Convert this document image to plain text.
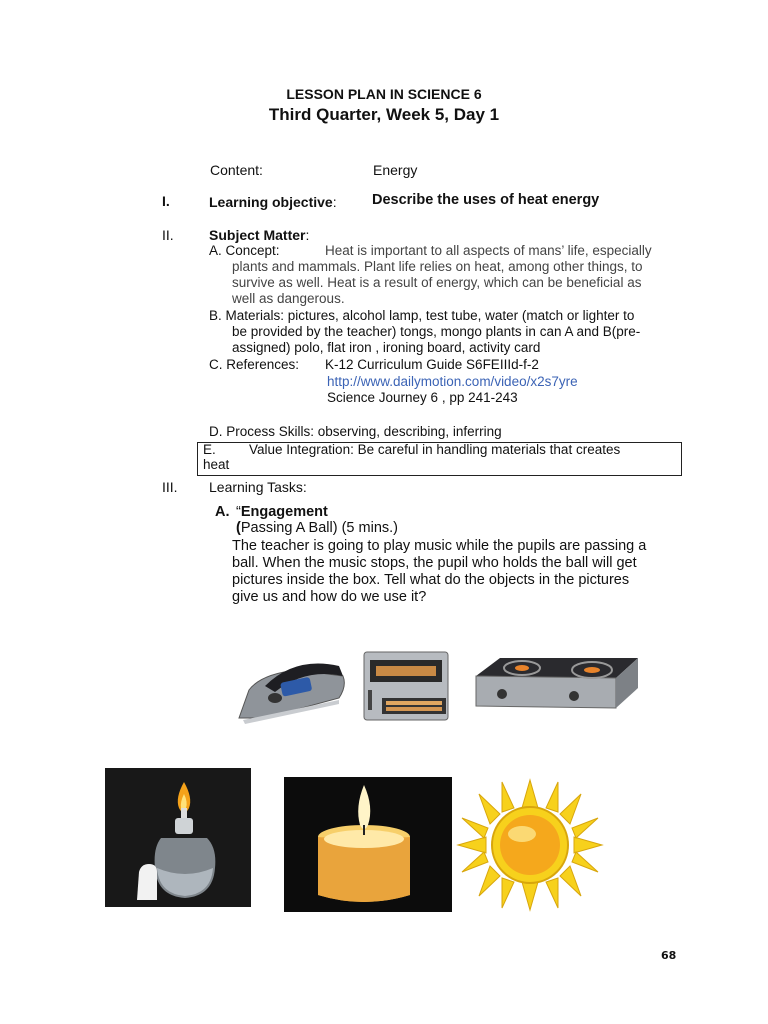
LESSON PLAN IN SCIENCE 6
Third Quarter, Week 5, Day 1
Content:	Energy
I.	Learning objective: Describe the uses of heat energy
II.	Subject Matter:
A. Concept:	Heat is important to all aspects of mans’ life, especially
plants and mammals. Plant life relies on heat, among other things, to
survive as well. Heat is a result of energy, which can be beneficial as
well as dangerous.
B. Materials: pictures, alcohol lamp, test tube, water (match or lighter to
be provided by the teacher) tongs, mongo plants in can A and B(pre-
assigned) polo, flat iron , ironing board, activity card
C. References: K-12 Curriculum Guide S6FEIIId-f-2
http://www.dailymotion.com/video/x2s7yre
Science Journey 6 , pp 241-243
D. Process Skills: observing, describing, inferring
E. Value Integration: Be careful in handling materials that creates
heat
III. Learning Tasks:
A. “Engagement
(Passing A Ball) (5 mins.)
The teacher is going to play music while the pupils are passing a
ball. When the music stops, the pupil who holds the ball will get
pictures inside the box. Tell what do the objects in the pictures
give us and how do we use it?
68
